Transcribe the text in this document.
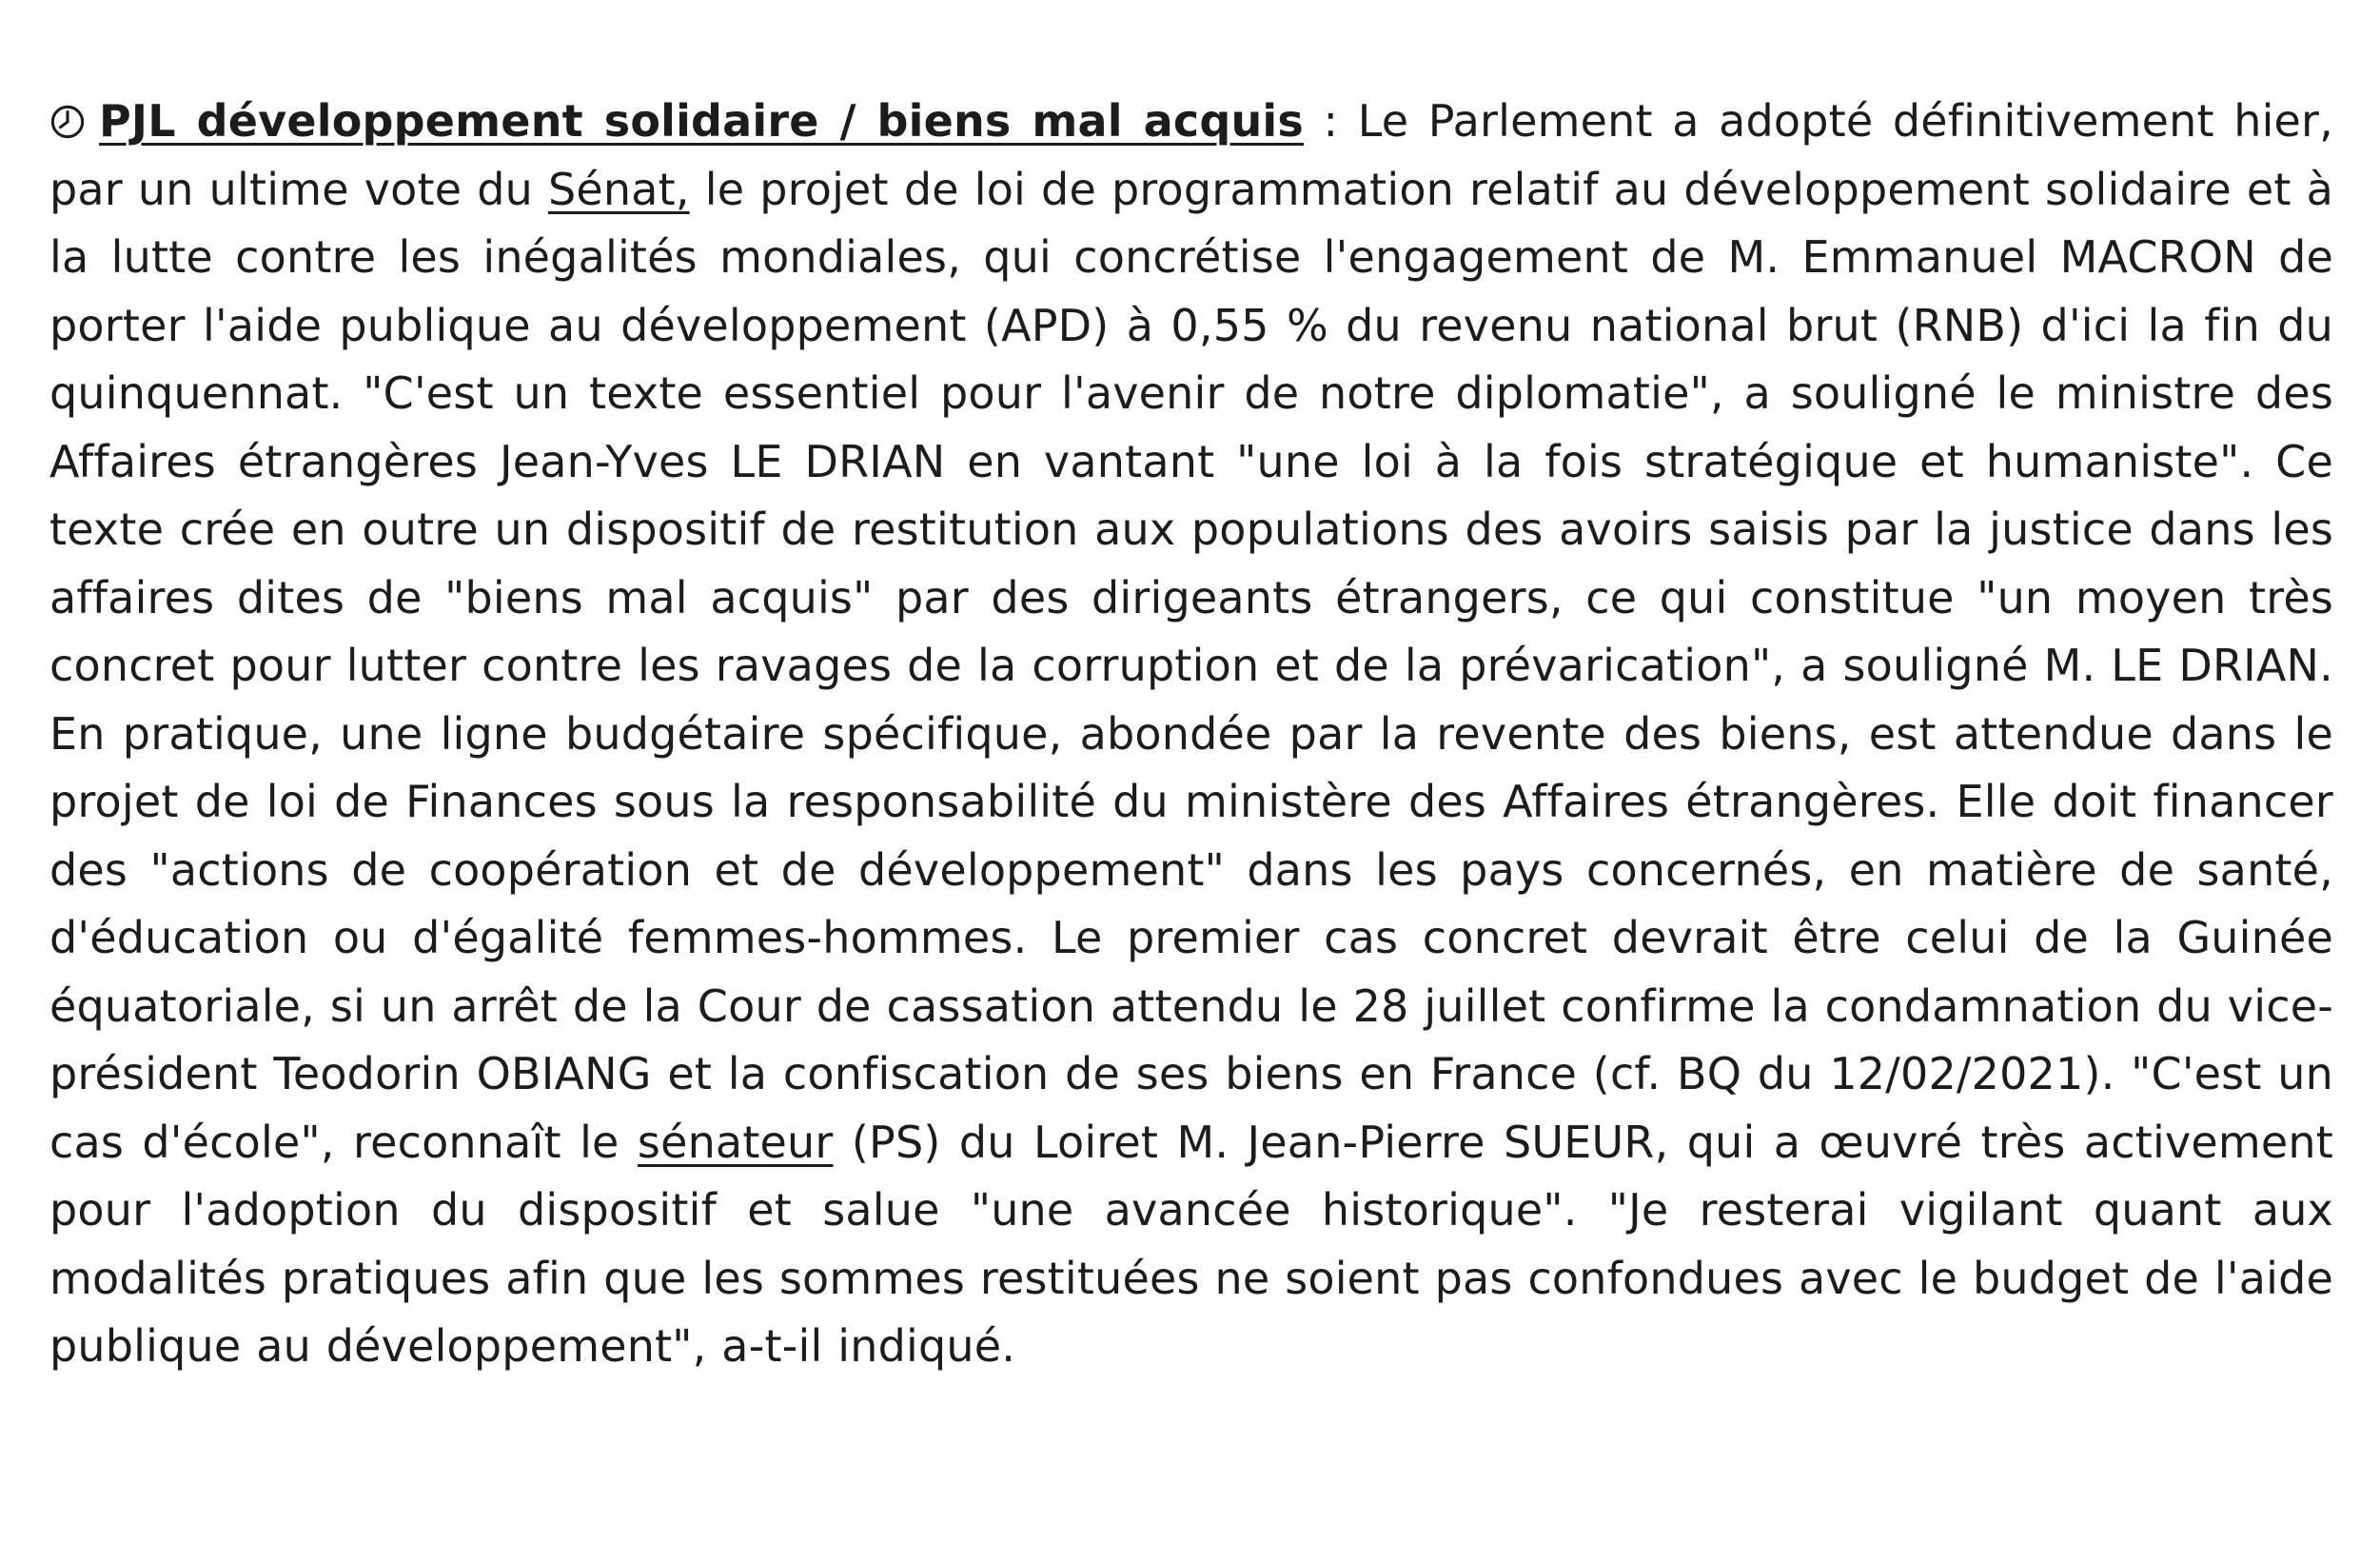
PJL développement solidaire / biens mal acquis : Le Parlement a adopté définitivement hier, par un ultime vote du Sénat, le projet de loi de programmation relatif au développement solidaire et à la lutte contre les inégalités mondiales, qui concrétise l'engagement de M. Emmanuel MACRON de porter l'aide publique au développement (APD) à 0,55 % du revenu national brut (RNB) d'ici la fin du quinquennat. "C'est un texte essentiel pour l'avenir de notre diplomatie", a souligné le ministre des Affaires étrangères Jean-Yves LE DRIAN en vantant "une loi à la fois stratégique et humaniste". Ce texte crée en outre un dispositif de restitution aux populations des avoirs saisis par la justice dans les affaires dites de "biens mal acquis" par des dirigeants étrangers, ce qui constitue "un moyen très concret pour lutter contre les ravages de la corruption et de la prévarication", a souligné M. LE DRIAN. En pratique, une ligne budgétaire spécifique, abondée par la revente des biens, est attendue dans le projet de loi de Finances sous la responsabilité du ministère des Affaires étrangères. Elle doit financer des "actions de coopération et de développement" dans les pays concernés, en matière de santé, d'éducation ou d'égalité femmes-hommes. Le premier cas concret devrait être celui de la Guinée équatoriale, si un arrêt de la Cour de cassation attendu le 28 juillet confirme la condamnation du vice-président Teodorin OBIANG et la confiscation de ses biens en France (cf. BQ du 12/02/2021). "C'est un cas d'école", reconnaît le sénateur (PS) du Loiret M. Jean-Pierre SUEUR, qui a œuvré très activement pour l'adoption du dispositif et salue "une avancée historique". "Je resterai vigilant quant aux modalités pratiques afin que les sommes restituées ne soient pas confondues avec le budget de l'aide publique au développement", a-t-il indiqué.
